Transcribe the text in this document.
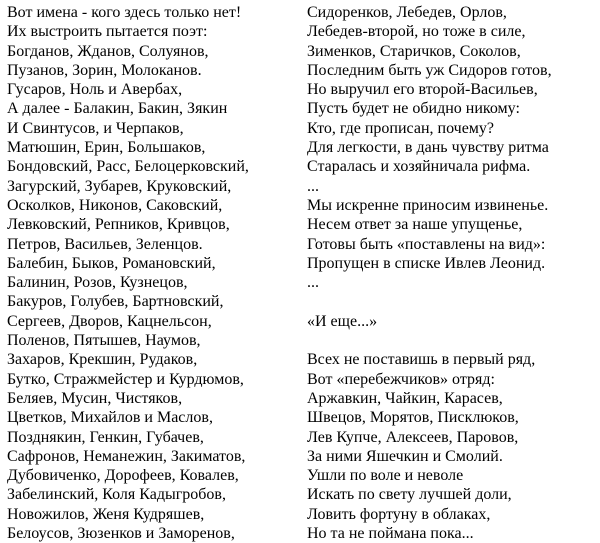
Вот имена - кого здесь только нет!
Их выстроить пытается поэт:
Богданов, Жданов, Солуянов,
Пузанов, Зорин, Молоканов.
Гусаров, Ноль и Авербах,
А далее - Балакин, Бакин, Зякин
И Свинтусов, и Черпаков,
Матюшин, Ерин, Большаков,
Бондовский, Расс, Белоцерковский,
Загурский, Зубарев, Круковский,
Осколков, Никонов, Саковский,
Левковский, Репников, Кривцов,
Петров, Васильев, Зеленцов.
Балебин, Быков, Романовский,
Балинин, Розов, Кузнецов,
Бакуров, Голубев, Бартновский,
Сергеев, Дворов, Кацнельсон,
Поленов, Пятышев, Наумов,
Захаров, Крекшин, Рудаков,
Бутко, Стражмейстер и Курдюмов,
Беляев, Мусин, Чистяков,
Цветков, Михайлов и Маслов,
Позднякин, Генкин, Губачев,
Сафронов, Неманежин, Закиматов,
Дубовиченко, Дорофеев, Ковалев,
Забелинский, Коля Кадыгробов,
Новожилов, Женя Кудряшев,
Белоусов, Зюзенков и Заморенов,
Сидоренков, Лебедев, Орлов,
Лебедев-второй, но тоже в силе,
Зименков, Старичков, Соколов,
Последним быть уж Сидоров готов,
Но выручил его второй-Васильев,
Пусть будет не обидно никому:
Кто, где прописан, почему?
Для легкости, в дань чувству ритма
Старалась и хозяйничала рифма.
...
Мы искренне приносим извиненье.
Несем ответ за наше упущенье,
Готовы быть «поставлены на вид»:
Пропущен в списке Ивлев Леонид.
...
«И еще...»
Всех не поставишь в первый ряд,
Вот «перебежчиков» отряд:
Аржавкин, Чайкин, Карасев,
Швецов, Морятов, Писклюков,
Лев Купче, Алексеев, Паровов,
За ними Яшечкин и Смолий.
Ушли по воле и неволе
Искать по свету лучшей доли,
Ловить фортуну в облаках,
Но та не поймана пока...
